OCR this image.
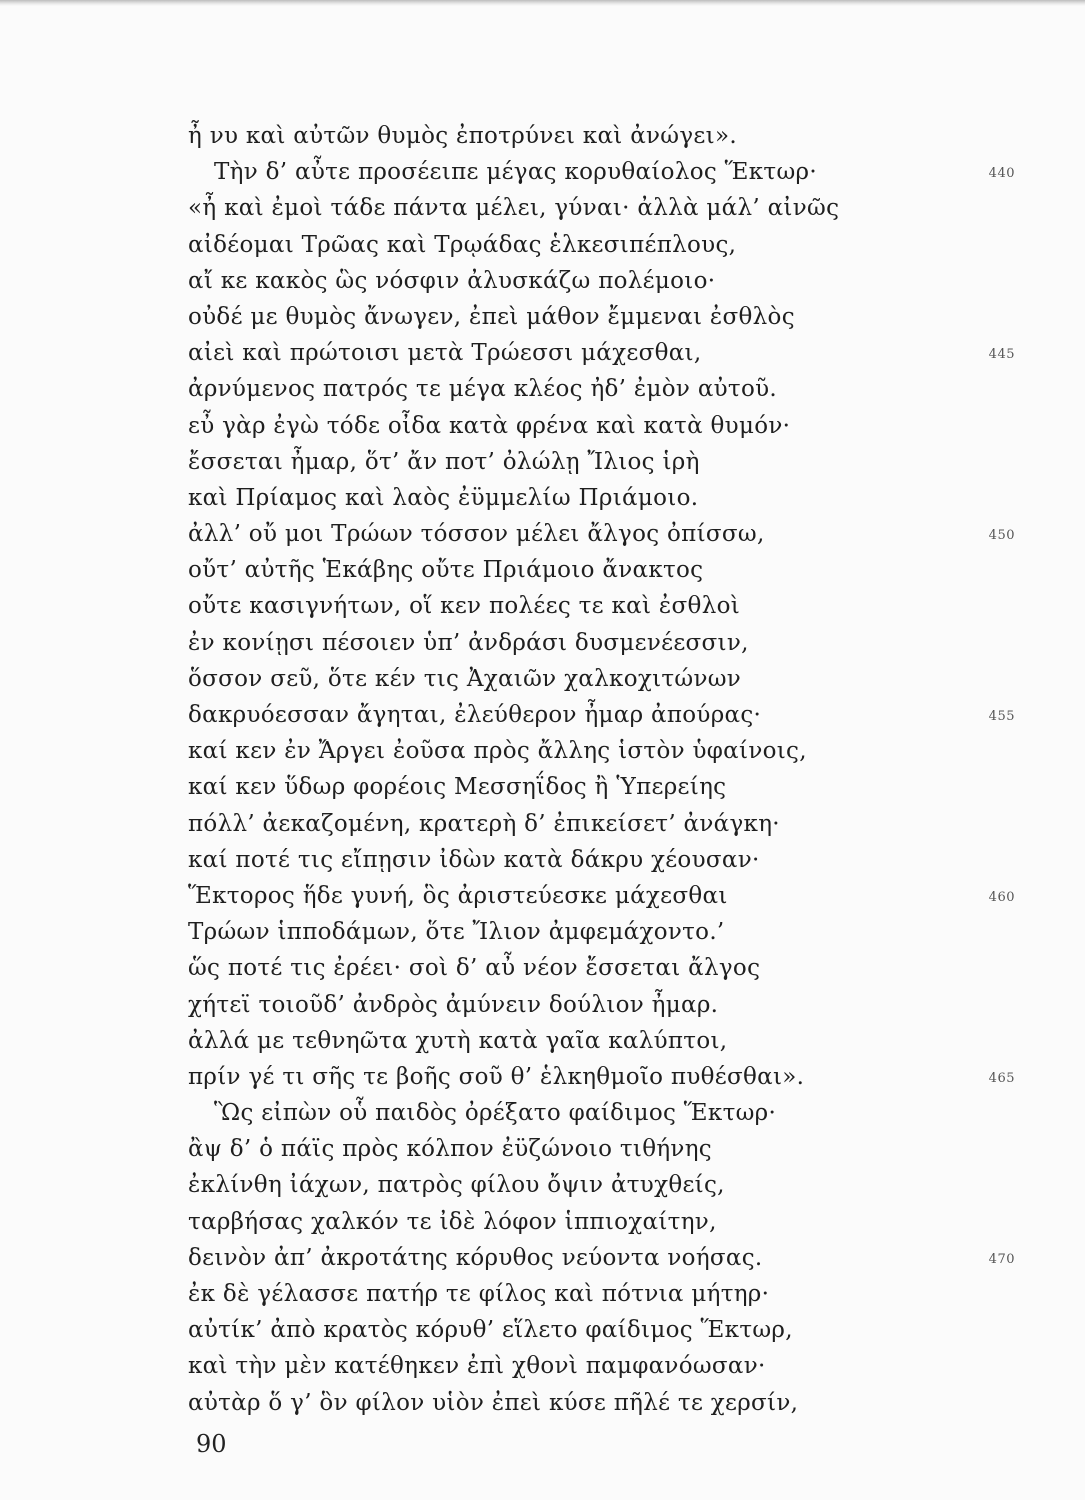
ἦ νυ καὶ αὐτῶν θυμὸς ἐποτρύνει καὶ ἀνώγει».
Τὴν δ’ αὖτε προσέειπε μέγας κορυθαίολος Ἕκτωρ·	440
«ἦ καὶ ἐμοὶ τάδε πάντα μέλει, γύναι· ἀλλὰ μάλ’ αἰνῶς
αἰδέομαι Τρῶας καὶ Τρῳάδας ἑλκεσιπέπλους,
αἴ κε κακὸς ὣς νόσφιν ἀλυσκάζω πολέμοιο·
οὐδέ με θυμὸς ἄνωγεν, ἐπεὶ μάθον ἔμμεναι ἐσθλὸς
αἰεὶ καὶ πρώτοισι μετὰ Τρώεσσι μάχεσθαι,	445
ἀρνύμενος πατρός τε μέγα κλέος ἠδ’ ἐμὸν αὐτοῦ.
εὖ γὰρ ἐγὼ τόδε οἶδα κατὰ φρένα καὶ κατὰ θυμόν·
ἔσσεται ἦμαρ, ὅτ’ ἄν ποτ’ ὀλώλῃ Ἴλιος ἱρὴ
καὶ Πρίαμος καὶ λαὸς ἐϋμμελίω Πριάμοιο.
ἀλλ’ οὔ μοι Τρώων τόσσον μέλει ἄλγος ὀπίσσω,	450
οὔτ’ αὐτῆς Ἑκάβης οὔτε Πριάμοιο ἄνακτος
οὔτε κασιγνήτων, οἵ κεν πολέες τε καὶ ἐσθλοὶ
ἐν κονίῃσι πέσοιεν ὑπ’ ἀνδράσι δυσμενέεσσιν,
ὅσσον σεῦ, ὅτε κέν τις Ἀχαιῶν χαλκοχιτώνων
δακρυόεσσαν ἄγηται, ἐλεύθερον ἦμαρ ἀπούρας·	455
καί κεν ἐν Ἄργει ἐοῦσα πρὸς ἄλλης ἱστὸν ὑφαίνοις,
καί κεν ὕδωρ φορέοις Μεσσηΐδος ἢ Ὑπερείης
πόλλ’ ἀεκαζομένη, κρατερὴ δ’ ἐπικείσετ’ ἀνάγκη·
καί ποτέ τις εἴπῃσιν ἰδὼν κατὰ δάκρυ χέουσαν·
Ἕκτορος ἥδε γυνή, ὃς ἀριστεύεσκε μάχεσθαι	460
Τρώων ἱπποδάμων, ὅτε Ἴλιον ἀμφεμάχοντο.’
ὥς ποτέ τις ἐρέει· σοὶ δ’ αὖ νέον ἔσσεται ἄλγος
χήτεϊ τοιοῦδ’ ἀνδρὸς ἀμύνειν δούλιον ἦμαρ.
ἀλλά με τεθνηῶτα χυτὴ κατὰ γαῖα καλύπτοι,
πρίν γέ τι σῆς τε βοῆς σοῦ θ’ ἑλκηθμοῖο πυθέσθαι».	465
Ὣς εἰπὼν οὗ παιδὸς ὀρέξατο φαίδιμος Ἕκτωρ·
ἂψ δ’ ὁ πάϊς πρὸς κόλπον ἐϋζώνοιο τιθήνης
ἐκλίνθη ἰάχων, πατρὸς φίλου ὄψιν ἀτυχθείς,
ταρβήσας χαλκόν τε ἰδὲ λόφον ἱππιοχαίτην,
δεινὸν ἀπ’ ἀκροτάτης κόρυθος νεύοντα νοήσας.	470
ἐκ δὲ γέλασσε πατήρ τε φίλος καὶ πότνια μήτηρ·
αὐτίκ’ ἀπὸ κρατὸς κόρυθ’ εἵλετο φαίδιμος Ἕκτωρ,
καὶ τὴν μὲν κατέθηκεν ἐπὶ χθονὶ παμφανόωσαν·
αὐτὰρ ὅ γ’ ὃν φίλον υἱὸν ἐπεὶ κύσε πῆλέ τε χερσίν,
90
